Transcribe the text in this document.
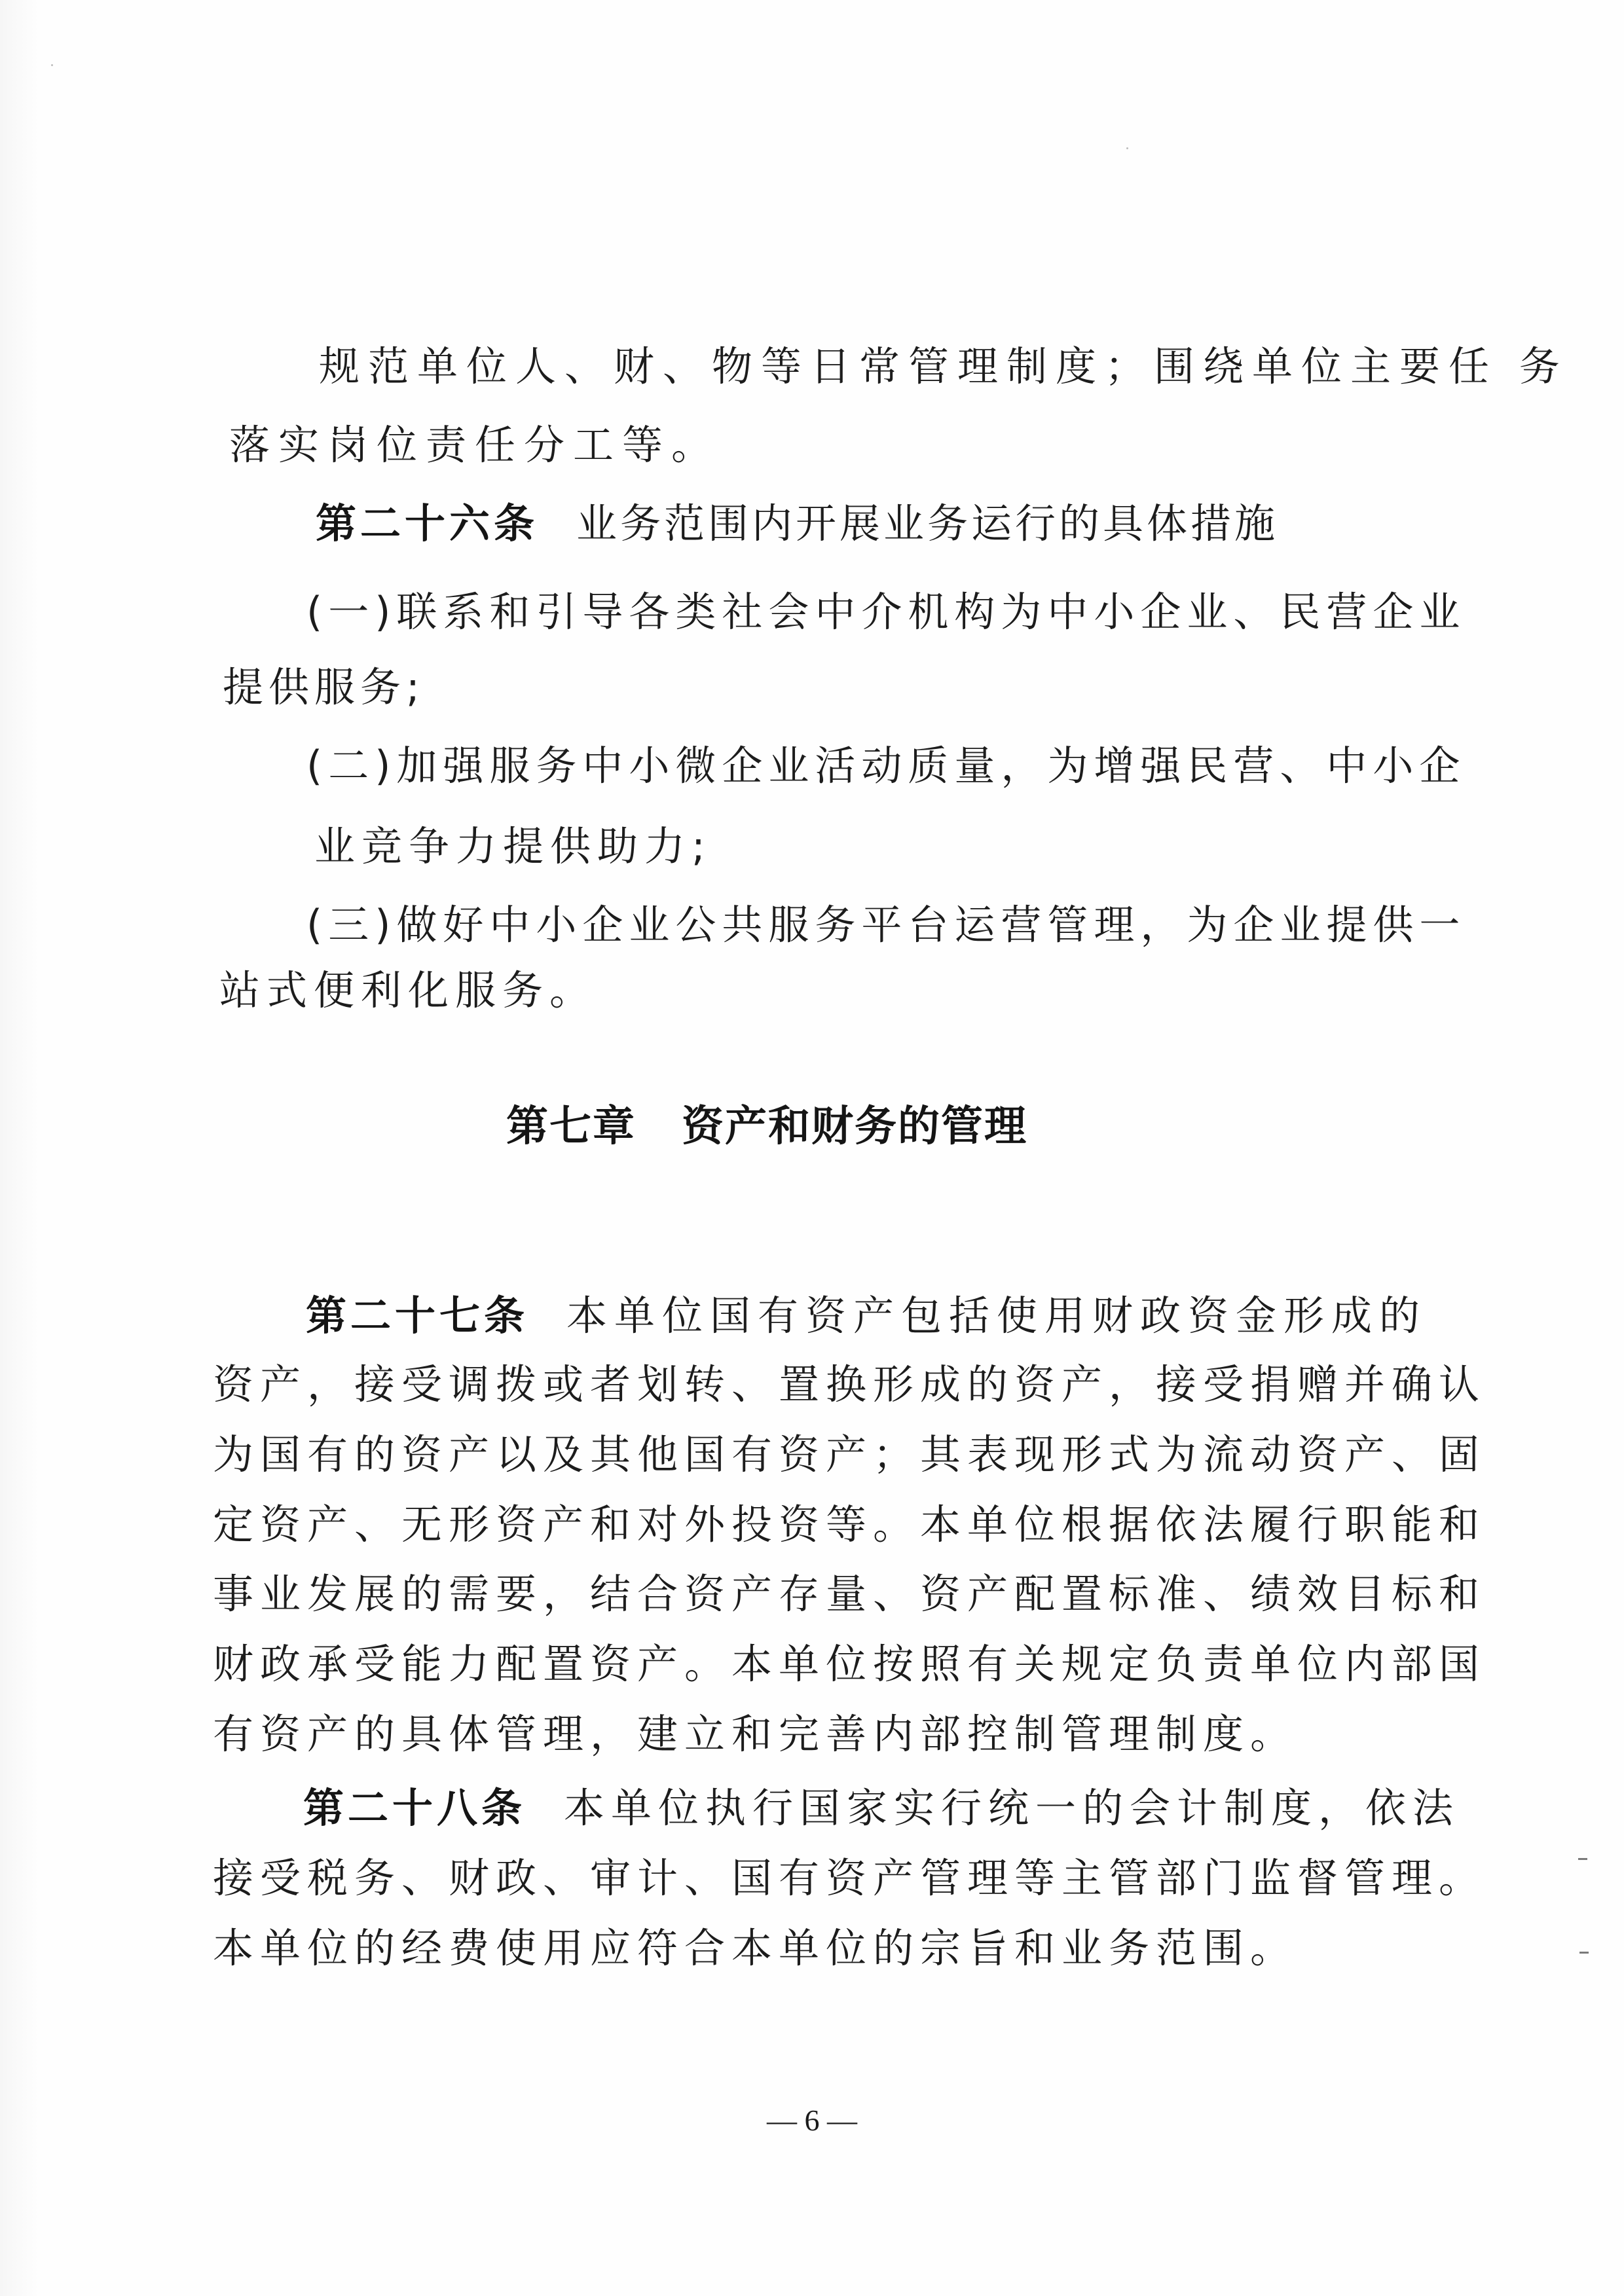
规范单位人、财、物等日常管理制度；围绕单位主要任 务
落实岗位责任分工等。
第二十六条 业务范围内开展业务运行的具体措施
(一)联系和引导各类社会中介机构为中小企业、民营企业
提供服务;
(二)加强服务中小微企业活动质量，为增强民营、中小企
业竞争力提供助力;
(三)做好中小企业公共服务平台运营管理，为企业提供一
站式便利化服务。
第七章 资产和财务的管理
第二十七条 本单位国有资产包括使用财政资金形成的
资产，接受调拨或者划转、置换形成的资产，接受捐赠并确认
为国有的资产以及其他国有资产；其表现形式为流动资产、固
定资产、无形资产和对外投资等。本单位根据依法履行职能和
事业发展的需要，结合资产存量、资产配置标准、绩效目标和
财政承受能力配置资产。本单位按照有关规定负责单位内部国
有资产的具体管理，建立和完善内部控制管理制度。
第二十八条 本单位执行国家实行统一的会计制度，依法
接受税务、财政、审计、国有资产管理等主管部门监督管理。
本单位的经费使用应符合本单位的宗旨和业务范围。
— 6 —
